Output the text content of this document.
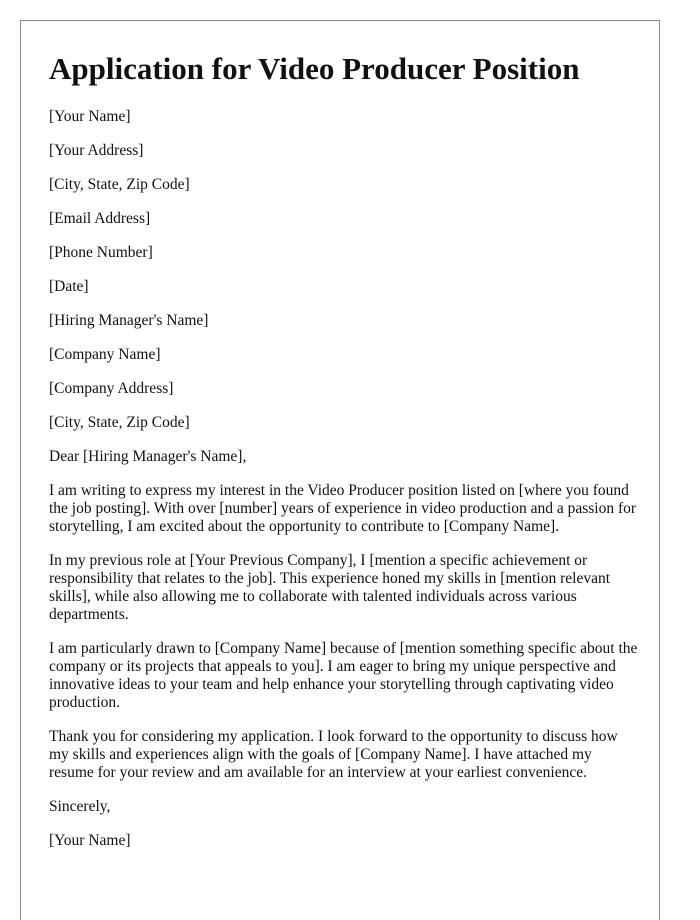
Application for Video Producer Position

[Your Name]

[Your Address]

[City, State, Zip Code]

[Email Address]

[Phone Number]

[Date]

[Hiring Manager's Name]

[Company Name]

[Company Address]

[City, State, Zip Code]

Dear [Hiring Manager's Name],

I am writing to express my interest in the Video Producer position listed on [where you found the job posting]. With over [number] years of experience in video production and a passion for storytelling, I am excited about the opportunity to contribute to [Company Name].

In my previous role at [Your Previous Company], I [mention a specific achievement or responsibility that relates to the job]. This experience honed my skills in [mention relevant skills], while also allowing me to collaborate with talented individuals across various departments.

I am particularly drawn to [Company Name] because of [mention something specific about the company or its projects that appeals to you]. I am eager to bring my unique perspective and innovative ideas to your team and help enhance your storytelling through captivating video production.

Thank you for considering my application. I look forward to the opportunity to discuss how my skills and experiences align with the goals of [Company Name]. I have attached my resume for your review and am available for an interview at your earliest convenience.

Sincerely,

[Your Name]
